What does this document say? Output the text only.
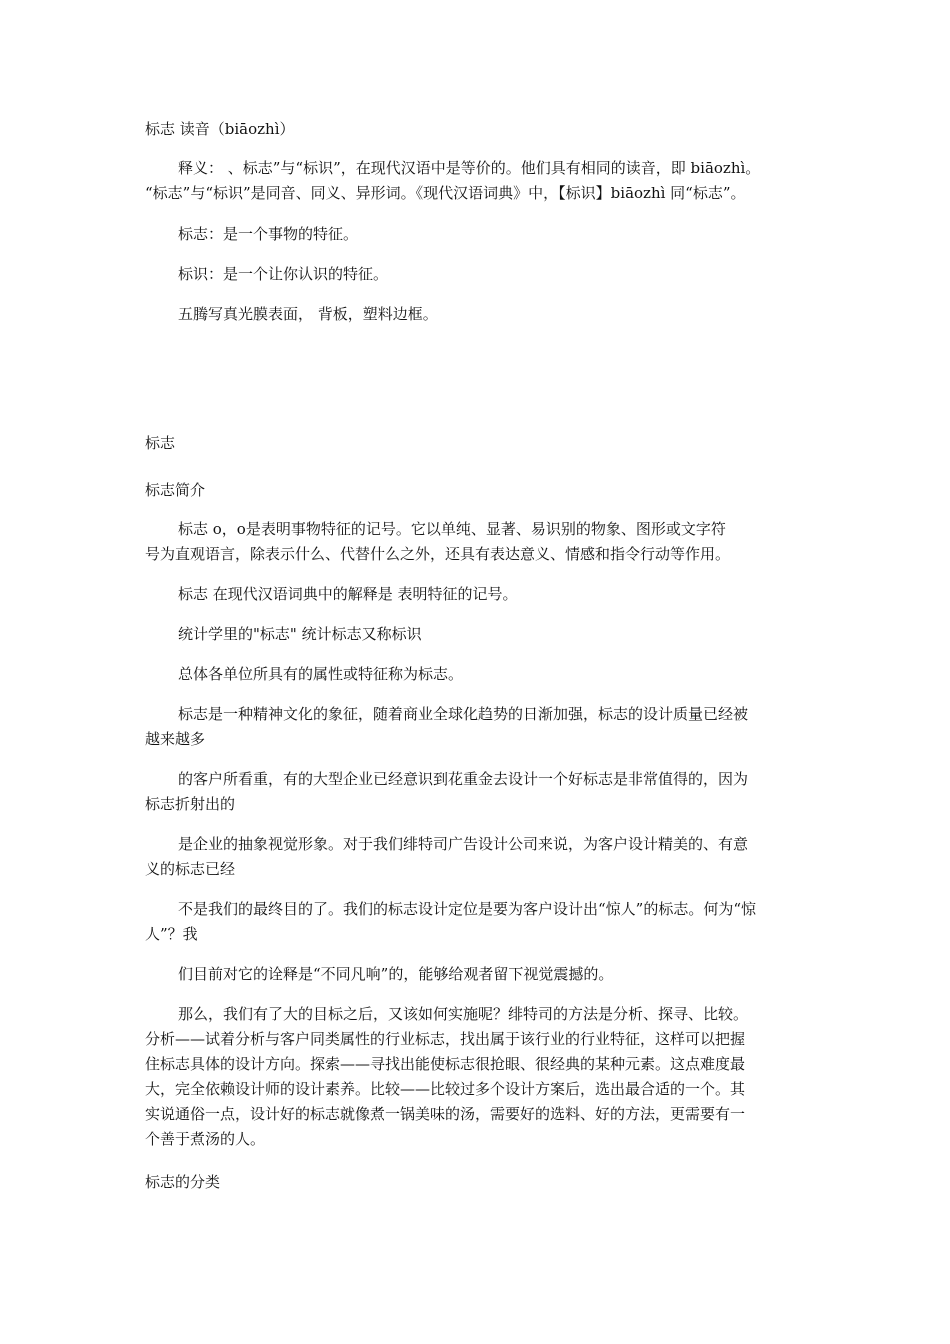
标志 读音（biāozhì）

释义： 、标志”与“标识”，在现代汉语中是等价的。他们具有相同的读音，即 biāozhì。
“标志”与“标识”是同音、同义、异形词。《现代汉语词典》中，【标识】biāozhì 同“标志”。

标志：是一个事物的特征。

标识：是一个让你认识的特征。

五腾写真光膜表面， 背板，塑料边框。

标志

标志简介

标志 o，o是表明事物特征的记号。它以单纯、显著、易识别的物象、图形或文字符
号为直观语言，除表示什么、代替什么之外，还具有表达意义、情感和指令行动等作用。

标志 在现代汉语词典中的解释是 表明特征的记号。

统计学里的"标志" 统计标志又称标识

总体各单位所具有的属性或特征称为标志。

标志是一种精神文化的象征，随着商业全球化趋势的日渐加强，标志的设计质量已经被
越来越多
的客户所看重，有的大型企业已经意识到花重金去设计一个好标志是非常值得的，因为
标志折射出的
是企业的抽象视觉形象。对于我们绯特司广告设计公司来说，为客户设计精美的、有意
义的标志已经
不是我们的最终目的了。我们的标志设计定位是要为客户设计出“惊人”的标志。何为“惊
人”？我

们目前对它的诠释是“不同凡响”的，能够给观者留下视觉震撼的。

那么，我们有了大的目标之后，又该如何实施呢？绯特司的方法是分析、探寻、比较。
分析——试着分析与客户同类属性的行业标志，找出属于该行业的行业特征，这样可以把握
住标志具体的设计方向。探索——寻找出能使标志很抢眼、很经典的某种元素。这点难度最
大，完全依赖设计师的设计素养。比较——比较过多个设计方案后，选出最合适的一个。其
实说通俗一点，设计好的标志就像煮一锅美味的汤，需要好的选料、好的方法，更需要有一
个善于煮汤的人。

标志的分类
